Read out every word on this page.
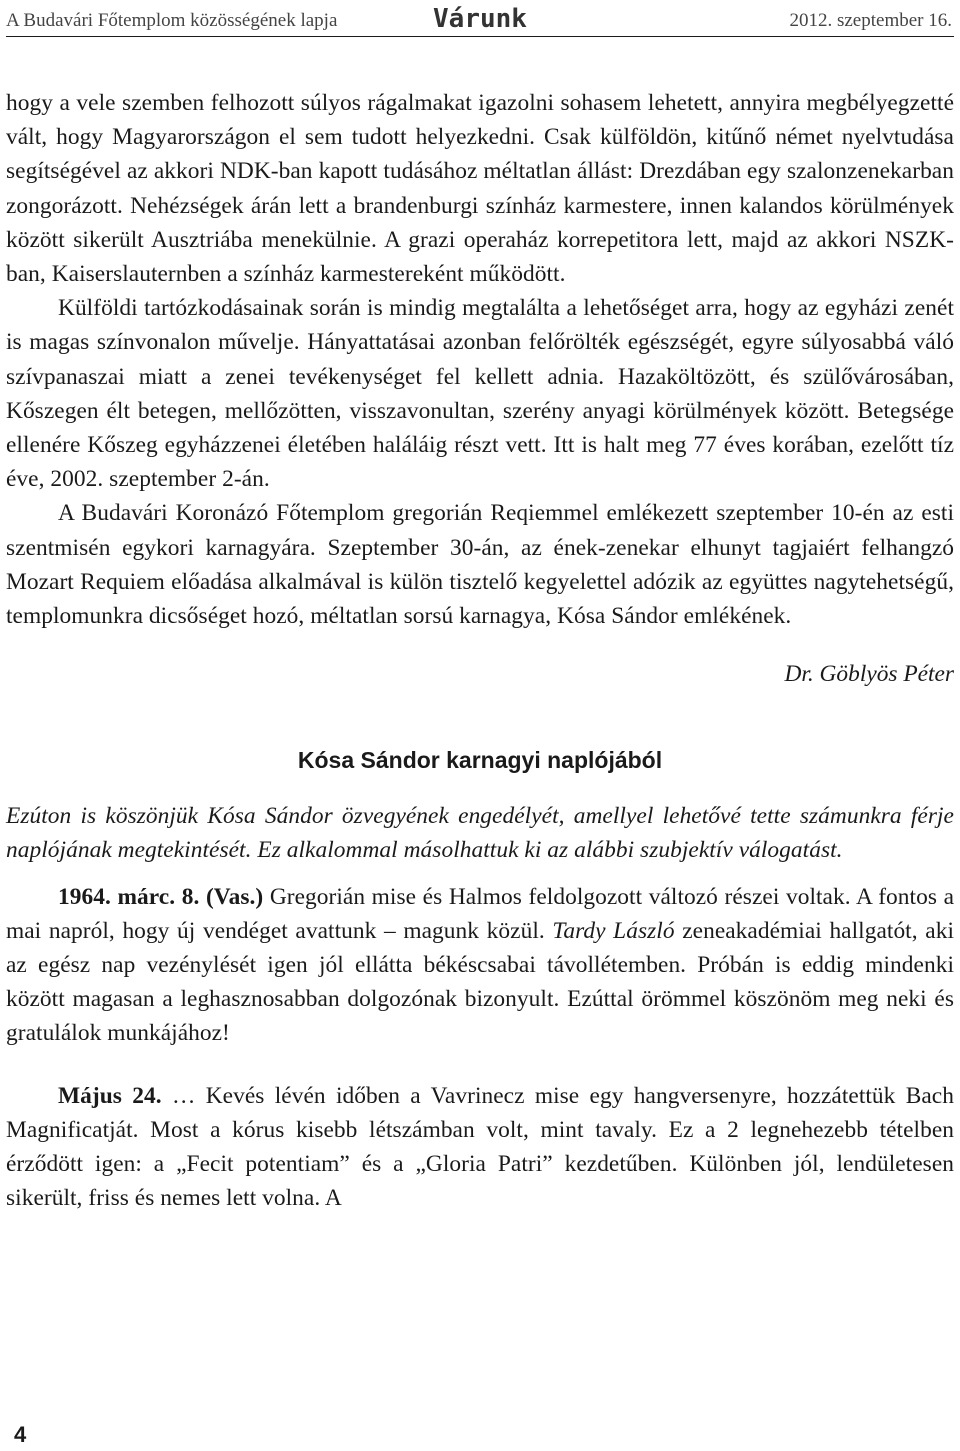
A Budavári Főtemplom közösségének lapja	Várunk	2012. szeptember 16.

hogy a vele szemben felhozott súlyos rágalmakat igazolni sohasem lehetett, annyira megbélyegzetté vált, hogy Magyarországon el sem tudott helyezkedni. Csak külföldön, kitűnő német nyelvtudása segítségével az akkori NDK-ban kapott tudásához méltatlan állást: Drezdában egy szalonzenekarban zongorázott. Nehézségek árán lett a brandenburgi színház karmestere, innen kalandos körülmények között sikerült Ausztriába menekülnie. A grazi operaház korrepetitora lett, majd az akkori NSZK-ban, Kaiserslauternben a színház karmestereként működött.

Külföldi tartózkodásainak során is mindig megtalálta a lehetőséget arra, hogy az egyházi zenét is magas színvonalon művelje. Hányattatásai azonban felőrölték egészségét, egyre súlyosabbá váló szívpanaszai miatt a zenei tevékenységet fel kellett adnia. Hazaköltözött, és szülővárosában, Kőszegen élt betegen, mellőzötten, visszavonultan, szerény anyagi körülmények között. Betegsége ellenére Kőszeg egyházzenei életében haláláig részt vett. Itt is halt meg 77 éves korában, ezelőtt tíz éve, 2002. szeptember 2-án.

A Budavári Koronázó Főtemplom gregorián Reqiemmel emlékezett szeptember 10-én az esti szentmisén egykori karnagyára. Szeptember 30-án, az ének-zenekar elhunyt tagjaiért felhangzó Mozart Requiem előadása alkalmával is külön tisztelő kegyelettel adózik az együttes nagytehetségű, templomunkra dicsőséget hozó, méltatlan sorsú karnagya, Kósa Sándor emlékének.

Dr. Göblyös Péter
Kósa Sándor karnagyi naplójából

Ezúton is köszönjük Kósa Sándor özvegyének engedélyét, amellyel lehetővé tette számunkra férje naplójának megtekintését. Ez alkalommal másolhattuk ki az alábbi szubjektív válogatást.

1964. márc. 8. (Vas.) Gregorián mise és Halmos feldolgozott változó részei voltak. A fontos a mai napról, hogy új vendéget avattunk – magunk közül. Tardy László zeneakadémiai hallgatót, aki az egész nap vezénylését igen jól ellátta békéscsabai távollétemben. Próbán is eddig mindenki között magasan a leghasznosabban dolgozónak bizonyult. Ezúttal örömmel köszönöm meg neki és gratulálok munkájához!

Május 24. … Kevés lévén időben a Vavrinecz mise egy hangversenyre, hozzátettük Bach Magnificatját. Most a kórus kisebb létszámban volt, mint tavaly. Ez a 2 legnehezebb tételben érződött igen: a „Fecit potentiam” és a „Gloria Patri” kezdetűben. Különben jól, lendületesen sikerült, friss és nemes lett volna. A

4
